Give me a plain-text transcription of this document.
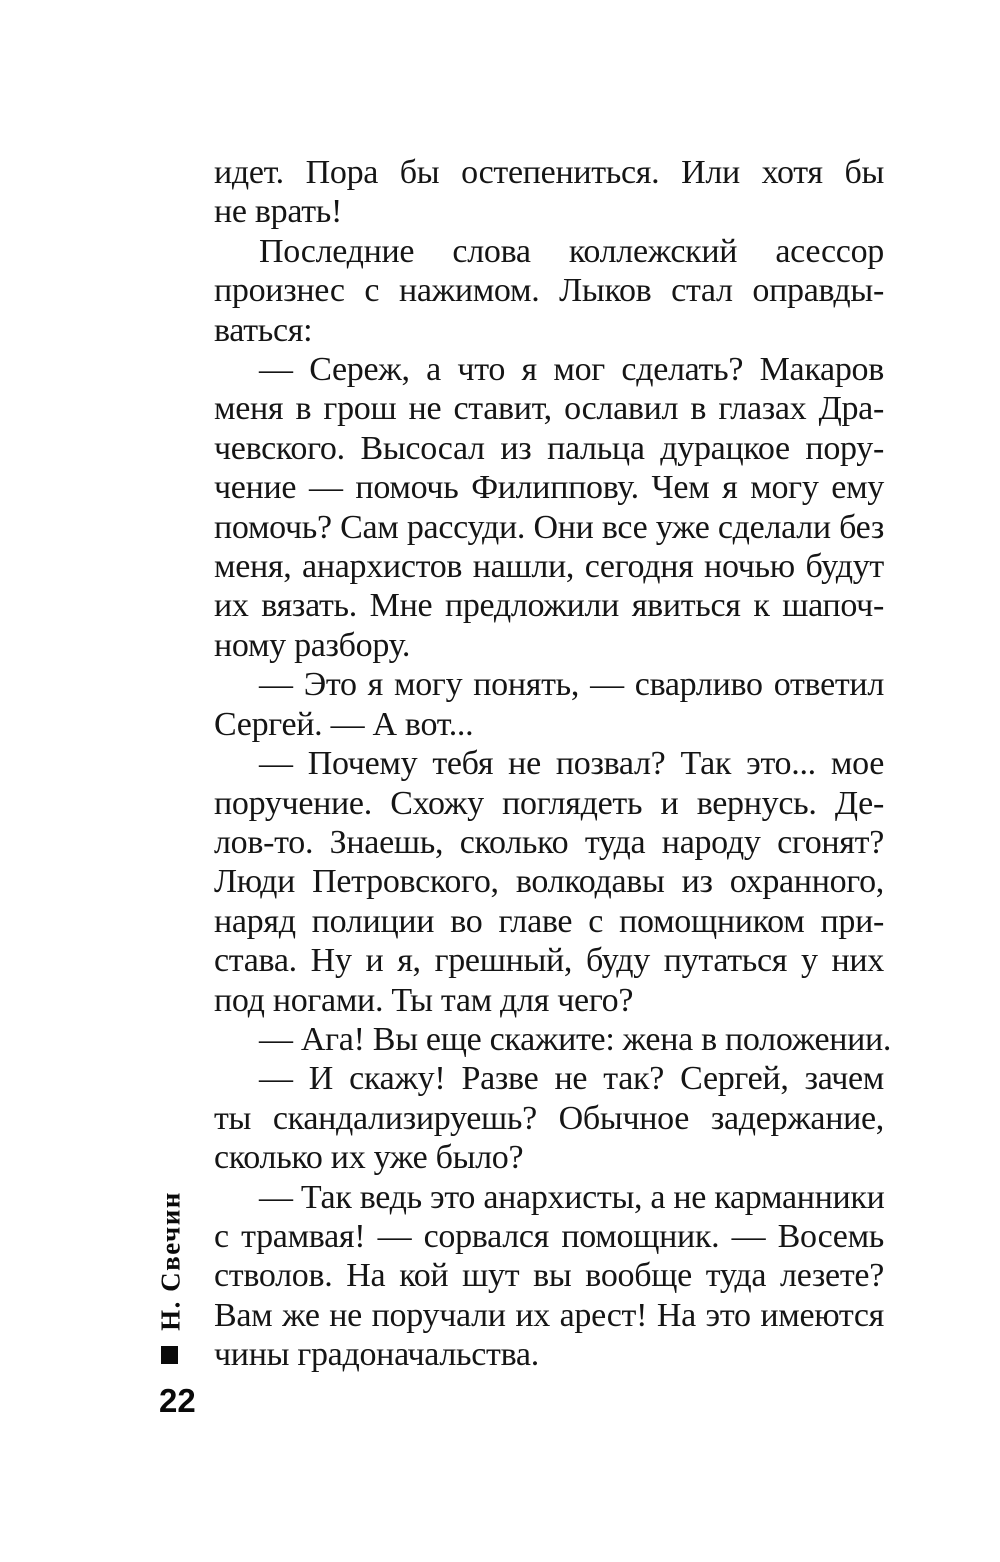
идет. Пора бы остепениться. Или хотя бы
не врать!
Последние слова коллежский асессор
произнес с нажимом. Лыков стал оправды-
ваться:
— Сереж, а что я мог сделать? Макаров
меня в грош не ставит, ославил в глазах Дра-
чевского. Высосал из пальца дурацкое пору-
чение — помочь Филиппову. Чем я могу ему
помочь? Сам рассуди. Они все уже сделали без
меня, анархистов нашли, сегодня ночью будут
их вязать. Мне предложили явиться к шапоч-
ному разбору.
— Это я могу понять, — сварливо ответил
Сергей. — А вот...
— Почему тебя не позвал? Так это... мое
поручение. Схожу поглядеть и вернусь. Де-
лов-то. Знаешь, сколько туда народу сгонят?
Люди Петровского, волкодавы из охранного,
наряд полиции во главе с помощником при-
става. Ну и я, грешный, буду путаться у них
под ногами. Ты там для чего?
— Ага! Вы еще скажите: жена в положении.
— И скажу! Разве не так? Сергей, зачем
ты скандализируешь? Обычное задержание,
сколько их уже было?
— Так ведь это анархисты, а не карманники
с трамвая! — сорвался помощник. — Восемь
стволов. На кой шут вы вообще туда лезете?
Вам же не поручали их арест! На это имеются
чины градоначальства.
Н. Свечин
22
